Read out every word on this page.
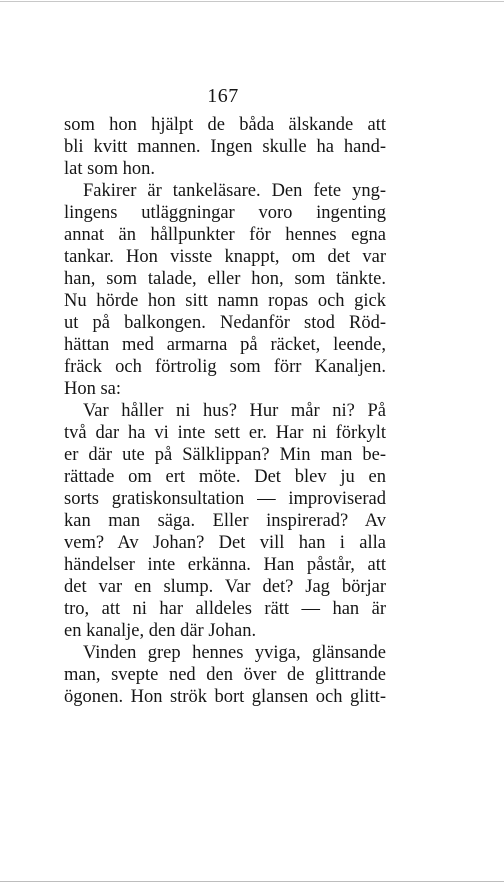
167
som hon hjälpt de båda älskande att
bli kvitt mannen. Ingen skulle ha hand-
lat som hon.
Fakirer är tankeläsare. Den fete yng-
lingens utläggningar voro ingenting
annat än hållpunkter för hennes egna
tankar. Hon visste knappt, om det var
han, som talade, eller hon, som tänkte.
Nu hörde hon sitt namn ropas och gick
ut på balkongen. Nedanför stod Röd-
hättan med armarna på räcket, leende,
fräck och förtrolig som förr Kanaljen.
Hon sa:
Var håller ni hus? Hur mår ni? På
två dar ha vi inte sett er. Har ni förkylt
er där ute på Sälklippan? Min man be-
rättade om ert möte. Det blev ju en
sorts gratiskonsultation — improviserad
kan man säga. Eller inspirerad? Av
vem? Av Johan? Det vill han i alla
händelser inte erkänna. Han påstår, att
det var en slump. Var det? Jag börjar
tro, att ni har alldeles rätt — han är
en kanalje, den där Johan.
Vinden grep hennes yviga, glänsande
man, svepte ned den över de glittrande
ögonen. Hon strök bort glansen och glitt-
